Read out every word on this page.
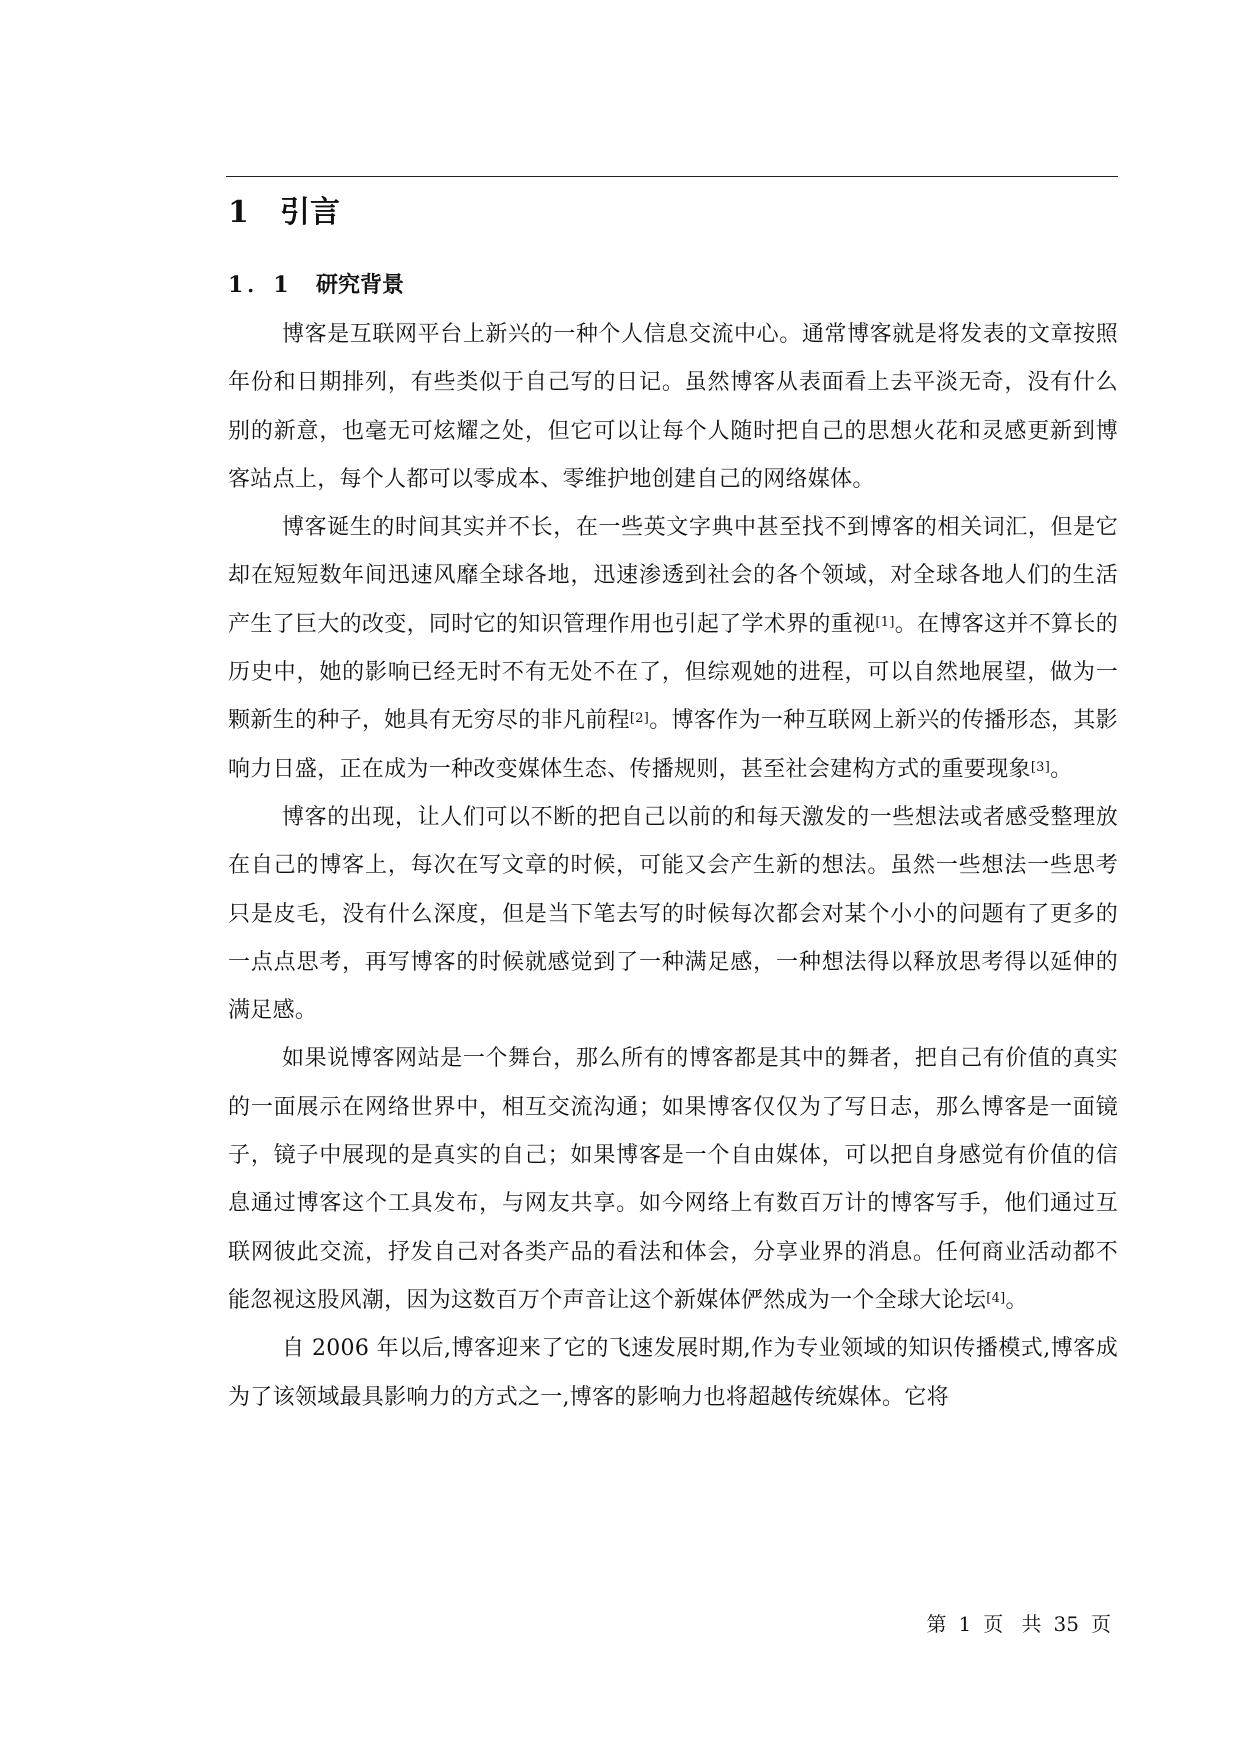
1 引言
1．1 研究背景

博客是互联网平台上新兴的一种个人信息交流中心。通常博客就是将发表的文章按照年份和日期排列，有些类似于自己写的日记。虽然博客从表面看上去平淡无奇，没有什么别的新意，也毫无可炫耀之处，但它可以让每个人随时把自己的思想火花和灵感更新到博客站点上，每个人都可以零成本、零维护地创建自己的网络媒体。

博客诞生的时间其实并不长，在一些英文字典中甚至找不到博客的相关词汇，但是它却在短短数年间迅速风靡全球各地，迅速渗透到社会的各个领域，对全球各地人们的生活产生了巨大的改变，同时它的知识管理作用也引起了学术界的重视[1]。在博客这并不算长的历史中，她的影响已经无时不有无处不在了，但综观她的进程，可以自然地展望，做为一颗新生的种子，她具有无穷尽的非凡前程[2]。博客作为一种互联网上新兴的传播形态，其影响力日盛，正在成为一种改变媒体生态、传播规则，甚至社会建构方式的重要现象[3]。

博客的出现，让人们可以不断的把自己以前的和每天激发的一些想法或者感受整理放在自己的博客上，每次在写文章的时候，可能又会产生新的想法。虽然一些想法一些思考只是皮毛，没有什么深度，但是当下笔去写的时候每次都会对某个小小的问题有了更多的一点点思考，再写博客的时候就感觉到了一种满足感，一种想法得以释放思考得以延伸的满足感。

如果说博客网站是一个舞台，那么所有的博客都是其中的舞者，把自己有价值的真实的一面展示在网络世界中，相互交流沟通；如果博客仅仅为了写日志，那么博客是一面镜子，镜子中展现的是真实的自己；如果博客是一个自由媒体，可以把自身感觉有价值的信息通过博客这个工具发布，与网友共享。如今网络上有数百万计的博客写手，他们通过互联网彼此交流，抒发自己对各类产品的看法和体会，分享业界的消息。任何商业活动都不能忽视这股风潮，因为这数百万个声音让这个新媒体俨然成为一个全球大论坛[4]。

自 2006 年以后,博客迎来了它的飞速发展时期,作为专业领域的知识传播模式,博客成为了该领域最具影响力的方式之一,博客的影响力也将超越传统媒体。它将

第 1 页 共 35 页
